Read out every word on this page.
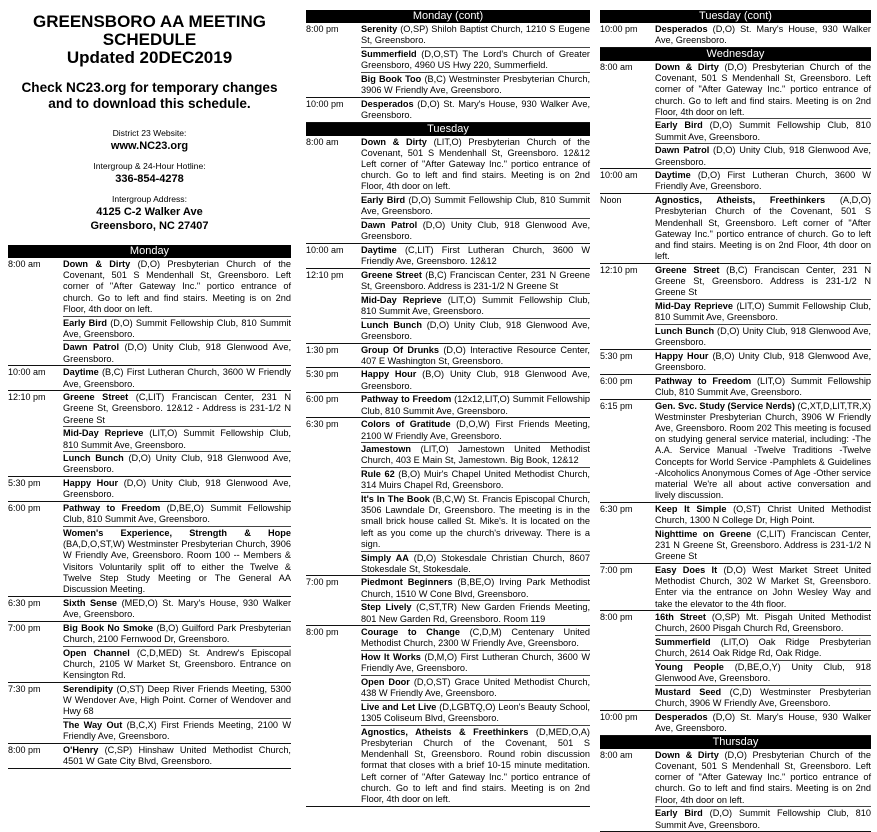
GREENSBORO AA MEETING
SCHEDULE
Updated 20DEC2019
Check NC23.org for temporary changes
and to download this schedule.
District 23 Website:
www.NC23.org
Intergroup & 24-Hour Hotline:
336-854-4278
Intergroup Address:
4125 C-2 Walker Ave
Greensboro, NC 27407
Monday
8:00 am	Down & Dirty (D,O) Presbyterian Church of the Covenant, 501 S Mendenhall St, Greensboro. Left corner of "After Gateway Inc." portico entrance of church. Go to left and find stairs. Meeting is on 2nd Floor, 4th door on left.
Early Bird (D,O) Summit Fellowship Club, 810 Summit Ave, Greensboro.
Dawn Patrol (D,O) Unity Club, 918 Glenwood Ave, Greensboro.
10:00 am	Daytime (B,C) First Lutheran Church, 3600 W Friendly Ave, Greensboro.
12:10 pm	Greene Street (C,LIT) Franciscan Center, 231 N Greene St, Greensboro. 12&12 - Address is 231-1/2 N Greene St
Mid-Day Reprieve (LIT,O) Summit Fellowship Club, 810 Summit Ave, Greensboro.
Lunch Bunch (D,O) Unity Club, 918 Glenwood Ave, Greensboro.
5:30 pm	Happy Hour (D,O) Unity Club, 918 Glenwood Ave, Greensboro.
6:00 pm	Pathway to Freedom (D,BE,O) Summit Fellowship Club, 810 Summit Ave, Greensboro.
Women's Experience, Strength & Hope (BA,D,O,ST,W) Westminster Presbyterian Church, 3906 W Friendly Ave, Greensboro. Room 100 -- Members & Visitors Voluntarily split off to either the Twelve & Twelve Step Study Meeting or The General AA Discussion Meeting.
6:30 pm	Sixth Sense (MED,O) St. Mary's House, 930 Walker Ave, Greensboro.
7:00 pm	Big Book No Smoke (B,O) Guilford Park Presbyterian Church, 2100 Fernwood Dr, Greensboro.
Open Channel (C,D,MED) St. Andrew's Episcopal Church, 2105 W Market St, Greensboro. Entrance on Kensington Rd.
7:30 pm	Serendipity (O,ST) Deep River Friends Meeting, 5300 W Wendover Ave, High Point. Corner of Wendover and Hwy 68
The Way Out (B,C,X) First Friends Meeting, 2100 W Friendly Ave, Greensboro.
8:00 pm	O'Henry (C,SP) Hinshaw United Methodist Church, 4501 W Gate City Blvd, Greensboro.
Monday (cont)
8:00 pm	Serenity (O,SP) Shiloh Baptist Church, 1210 S Eugene St, Greensboro.
Summerfield (D,O,ST) The Lord's Church of Greater Greensboro, 4960 US Hwy 220, Summerfield.
Big Book Too (B,C) Westminster Presbyterian Church, 3906 W Friendly Ave, Greensboro.
10:00 pm	Desperados (D,O) St. Mary's House, 930 Walker Ave, Greensboro.
Tuesday
8:00 am	Down & Dirty (LIT,O) Presbyterian Church of the Covenant, 501 S Mendenhall St, Greensboro. 12&12 Left corner of "After Gateway Inc." portico entrance of church. Go to left and find stairs. Meeting is on 2nd Floor, 4th door on left.
Early Bird (D,O) Summit Fellowship Club, 810 Summit Ave, Greensboro.
Dawn Patrol (D,O) Unity Club, 918 Glenwood Ave, Greensboro.
10:00 am	Daytime (C,LIT) First Lutheran Church, 3600 W Friendly Ave, Greensboro. 12&12
12:10 pm	Greene Street (B,C) Franciscan Center, 231 N Greene St, Greensboro. Address is 231-1/2 N Greene St
Mid-Day Reprieve (LIT,O) Summit Fellowship Club, 810 Summit Ave, Greensboro.
Lunch Bunch (D,O) Unity Club, 918 Glenwood Ave, Greensboro.
1:30 pm	Group Of Drunks (D,O) Interactive Resource Center, 407 E Washington St, Greensboro.
5:30 pm	Happy Hour (B,O) Unity Club, 918 Glenwood Ave, Greensboro.
6:00 pm	Pathway to Freedom (12x12,LIT,O) Summit Fellowship Club, 810 Summit Ave, Greensboro.
6:30 pm	Colors of Gratitude (D,O,W) First Friends Meeting, 2100 W Friendly Ave, Greensboro.
Jamestown (LIT,O) Jamestown United Methodist Church, 403 E Main St, Jamestown. Big Book, 12&12
Rule 62 (B,O) Muir's Chapel United Methodist Church, 314 Muirs Chapel Rd, Greensboro.
It's In The Book (B,C,W) St. Francis Episcopal Church, 3506 Lawndale Dr, Greensboro. The meeting is in the small brick house called St. Mike's. It is located on the left as you come up the church's driveway. There is a sign.
Simply AA (D,O) Stokesdale Christian Church, 8607 Stokesdale St, Stokesdale.
7:00 pm	Piedmont Beginners (B,BE,O) Irving Park Methodist Church, 1510 W Cone Blvd, Greensboro.
Step Lively (C,ST,TR) New Garden Friends Meeting, 801 New Garden Rd, Greensboro. Room 119
8:00 pm	Courage to Change (C,D,M) Centenary United Methodist Church, 2300 W Friendly Ave, Greensboro.
How It Works (D,M,O) First Lutheran Church, 3600 W Friendly Ave, Greensboro.
Open Door (D,O,ST) Grace United Methodist Church, 438 W Friendly Ave, Greensboro.
Live and Let Live (D,LGBTQ,O) Leon's Beauty School, 1305 Coliseum Blvd, Greensboro.
Agnostics, Atheists & Freethinkers (D,MED,O,A) Presbyterian Church of the Covenant, 501 S Mendenhall St, Greensboro. Round robin discussion format that closes with a brief 10-15 minute meditation. Left corner of "After Gateway Inc." portico entrance of church. Go to left and find stairs. Meeting is on 2nd Floor, 4th door on left.
Tuesday (cont)
10:00 pm	Desperados (D,O) St. Mary's House, 930 Walker Ave, Greensboro.
Wednesday
8:00 am	Down & Dirty (D,O) Presbyterian Church of the Covenant, 501 S Mendenhall St, Greensboro. Left corner of "After Gateway Inc." portico entrance of church. Go to left and find stairs. Meeting is on 2nd Floor, 4th door on left.
Early Bird (D,O) Summit Fellowship Club, 810 Summit Ave, Greensboro.
Dawn Patrol (D,O) Unity Club, 918 Glenwood Ave, Greensboro.
10:00 am	Daytime (D,O) First Lutheran Church, 3600 W Friendly Ave, Greensboro.
Noon	Agnostics, Atheists, Freethinkers (A,D,O) Presbyterian Church of the Covenant, 501 S Mendenhall St, Greensboro. Left corner of "After Gateway Inc." portico entrance of church. Go to left and find stairs. Meeting is on 2nd Floor, 4th door on left.
12:10 pm	Greene Street (B,C) Franciscan Center, 231 N Greene St, Greensboro. Address is 231-1/2 N Greene St
Mid-Day Reprieve (LIT,O) Summit Fellowship Club, 810 Summit Ave, Greensboro.
Lunch Bunch (D,O) Unity Club, 918 Glenwood Ave, Greensboro.
5:30 pm	Happy Hour (B,O) Unity Club, 918 Glenwood Ave, Greensboro.
6:00 pm	Pathway to Freedom (LIT,O) Summit Fellowship Club, 810 Summit Ave, Greensboro.
6:15 pm	Gen. Svc. Study (Service Nerds) (C,XT,D,LIT,TR,X) Westminster Presbyterian Church, 3906 W Friendly Ave, Greensboro. Room 202 This meeting is focused on studying general service material, including: -The A.A. Service Manual -Twelve Traditions -Twelve Concepts for World Service -Pamphlets & Guidelines -Alcoholics Anonymous Comes of Age -Other service material We're all about active conversation and lively discussion.
6:30 pm	Keep It Simple (O,ST) Christ United Methodist Church, 1300 N College Dr, High Point.
Nighttime on Greene (C,LIT) Franciscan Center, 231 N Greene St, Greensboro. Address is 231-1/2 N Greene St
7:00 pm	Easy Does It (D,O) West Market Street United Methodist Church, 302 W Market St, Greensboro. Enter via the entrance on John Wesley Way and take the elevator to the 4th floor.
8:00 pm	16th Street (O,SP) Mt. Pisgah United Methodist Church, 2600 Pisgah Church Rd, Greensboro.
Summerfield (LIT,O) Oak Ridge Presbyterian Church, 2614 Oak Ridge Rd, Oak Ridge.
Young People (D,BE,O,Y) Unity Club, 918 Glenwood Ave, Greensboro.
Mustard Seed (C,D) Westminster Presbyterian Church, 3906 W Friendly Ave, Greensboro.
10:00 pm	Desperados (D,O) St. Mary's House, 930 Walker Ave, Greensboro.
Thursday
8:00 am	Down & Dirty (D,O) Presbyterian Church of the Covenant, 501 S Mendenhall St, Greensboro. Left corner of "After Gateway Inc." portico entrance of church. Go to left and find stairs. Meeting is on 2nd Floor, 4th door on left.
Early Bird (D,O) Summit Fellowship Club, 810 Summit Ave, Greensboro.
